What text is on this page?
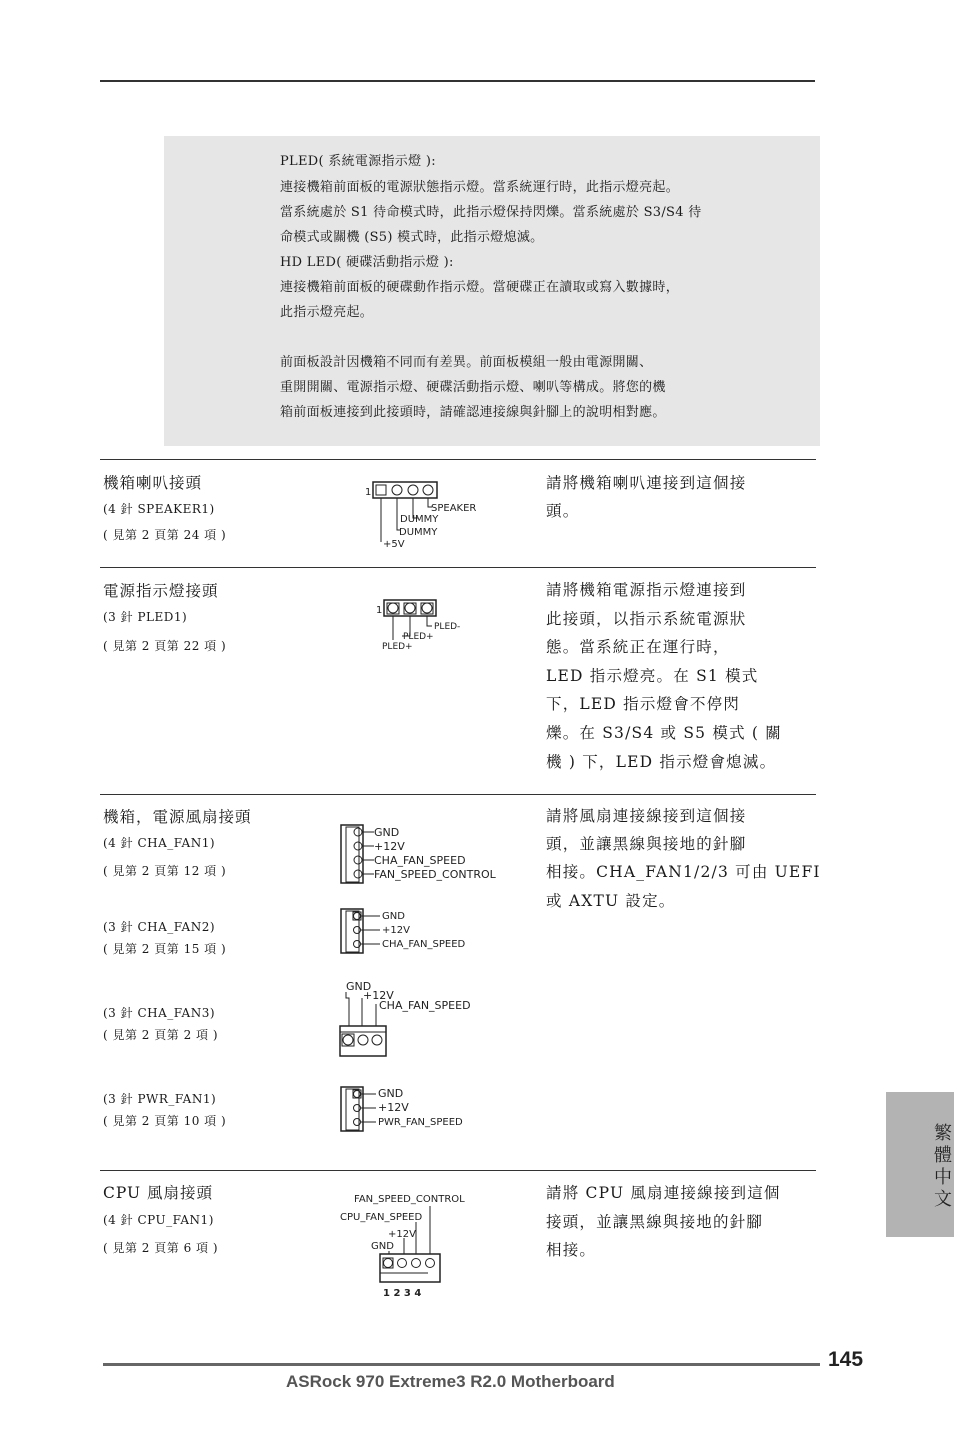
PLED( 系統電源指示燈 ):
連接機箱前面板的電源狀態指示燈。當系統運行時，此指示燈亮起。
當系統處於 S1 待命模式時，此指示燈保持閃爍。當系統處於 S3/S4 待
命模式或關機 (S5) 模式時，此指示燈熄滅。
HD LED( 硬碟活動指示燈 ):
連接機箱前面板的硬碟動作指示燈。當硬碟正在讀取或寫入數據時，
此指示燈亮起。
前面板設計因機箱不同而有差異。前面板模組一般由電源開關、
重開開關、電源指示燈、硬碟活動指示燈、喇叭等構成。將您的機
箱前面板連接到此接頭時，請確認連接線與針腳上的說明相對應。
機箱喇叭接頭
(4 針 SPEAKER1)
( 見第 2 頁第 24 項 )
請將機箱喇叭連接到這個接
頭。
1
SPEAKER
DUMMY
DUMMY
+5V
電源指示燈接頭
(3 針 PLED1)
( 見第 2 頁第 22 項 )
請將機箱電源指示燈連接到
此接頭，以指示系統電源狀
態。當系統正在運行時，
LED 指示燈亮。在 S1 模式
下，LED 指示燈會不停閃
爍。在 S3/S4 或 S5 模式 ( 關
機 ) 下，LED 指示燈會熄滅。
1
PLED-
PLED+
PLED+
機箱，電源風扇接頭
(4 針 CHA_FAN1)
( 見第 2 頁第 12 項 )
(3 針 CHA_FAN2)
( 見第 2 頁第 15 項 )
(3 針 CHA_FAN3)
( 見第 2 頁第 2 項 )
(3 針 PWR_FAN1)
( 見第 2 頁第 10 項 )
請將風扇連接線接到這個接
頭，並讓黑線與接地的針腳
相接。CHA_FAN1/2/3 可由 UEFI
或 AXTU 設定。
GND
+12V
CHA_FAN_SPEED
FAN_SPEED_CONTROL
GND
+12V
CHA_FAN_SPEED
GND
+12V
CHA_FAN_SPEED
GND
+12V
PWR_FAN_SPEED
CPU 風扇接頭
(4 針 CPU_FAN1)
( 見第 2 頁第 6 項 )
請將 CPU 風扇連接線接到這個
接頭，並讓黑線與接地的針腳
相接。
FAN_SPEED_CONTROL
CPU_FAN_SPEED
+12V
GND
1 2 3 4
繁體中文
145
ASRock 970 Extreme3 R2.0 Motherboard
